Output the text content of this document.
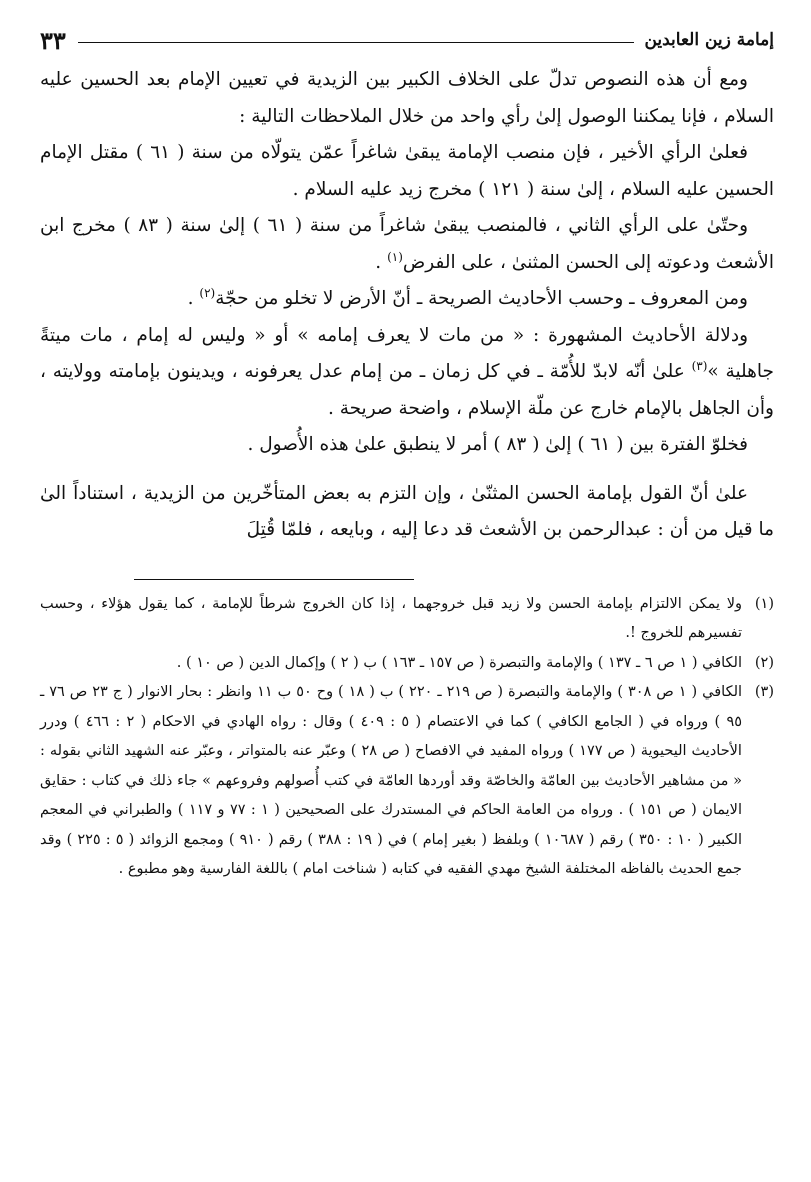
إمامة زين العابدين
٣٣

ومع أن هذه النصوص تدلّ على الخلاف الكبير بين الزيدية في تعيين الإمام بعد الحسين عليه السلام ، فإنا يمكننا الوصول إلىٰ رأي واحد من خلال الملاحظات التالية :

فعلىٰ الرأي الأخير ، فإن منصب الإمامة يبقىٰ شاغراً عمّن يتولّاه من سنة ( ٦١ ) مقتل الإمام الحسين عليه السلام ، إلىٰ سنة ( ١٢١ ) مخرج زيد عليه السلام .

وحتّىٰ على الرأي الثاني ، فالمنصب يبقىٰ شاغراً من سنة ( ٦١ ) إلىٰ سنة ( ٨٣ ) مخرج ابن الأشعث ودعوته إلى الحسن المثنىٰ ، على الفرض$^{(١)}$ .

ومن المعروف ـ وحسب الأحاديث الصريحة ـ أنّ الأرض لا تخلو من حجّة$^{(٢)}$ .

ودلالة الأحاديث المشهورة : « من مات لا يعرف إمامه » أو « وليس له إمام ، مات ميتةً جاهلية »$^{(٣)}$ علىٰ أنّه لابدّ للأُمّة ـ في كل زمان ـ من إمام عدل يعرفونه ، ويدينون بإمامته وولايته ، وأن الجاهل بالإمام خارج عن ملّة الإسلام ، واضحة صريحة .

فخلوّ الفترة بين ( ٦١ ) إلىٰ ( ٨٣ ) أمر لا ينطبق علىٰ هذه الأُصول .

علىٰ أنّ القول بإمامة الحسن المثنّىٰ ، وإن التزم به بعض المتأخّرين من الزيدية ، استناداً الىٰ ما قيل من أن : عبدالرحمن بن الأشعث قد دعا إليه ، وبايعه ، فلمّا قُتِلَ

(١)
ولا يمكن الالتزام بإمامة الحسن ولا زيد قبل خروجهما ، إذا كان الخروج شرطاً للإمامة ، كما يقول هؤلاء ، وحسب تفسيرهم للخروج !.
(٢)
الكافي ( ١ ص ٦ ـ ١٣٧ ) والإمامة والتبصرة ( ص ١٥٧ ـ ١٦٣ ) ب ( ٢ ) وإكمال الدين ( ص ١٠ ) .
(٣)
الكافي ( ١ ص ٣٠٨ ) والإمامة والتبصرة ( ص ٢١٩ ـ ٢٢٠ ) ب ( ١٨ ) وح ٥٠ ب ١١ وانظر : بحار الانوار ( ج ٢٣ ص ٧٦ ـ ٩٥ ) ورواه في ( الجامع الكافي ) كما في الاعتصام ( ٥ : ٤٠٩ ) وقال : رواه الهادي في الاحكام ( ٢ : ٤٦٦ ) ودرر الأحاديث اليحيوية ( ص ١٧٧ ) ورواه المفيد في الافصاح ( ص ٢٨ ) وعبّر عنه بالمتواتر ، وعبّر عنه الشهيد الثاني بقوله : « من مشاهير الأحاديث بين العامّة والخاصّة وقد أوردها العامّة في كتب أُصولهم وفروعهم » جاء ذلك في كتاب : حقايق الايمان ( ص ١٥١ ) . ورواه من العامة الحاكم في المستدرك على الصحيحين ( ١ : ٧٧ و ١١٧ ) والطبراني في المعجم الكبير ( ١٠ : ٣٥٠ ) رقم ( ١٠٦٨٧ ) وبلفظ ( بغير إمام ) في ( ١٩ : ٣٨٨ ) رقم ( ٩١٠ ) ومجمع الزوائد ( ٥ : ٢٢٥ ) وقد جمع الحديث بالفاظه المختلفة الشيخ مهدي الفقيه في كتابه ( شناخت امام ) باللغة الفارسية وهو مطبوع .
